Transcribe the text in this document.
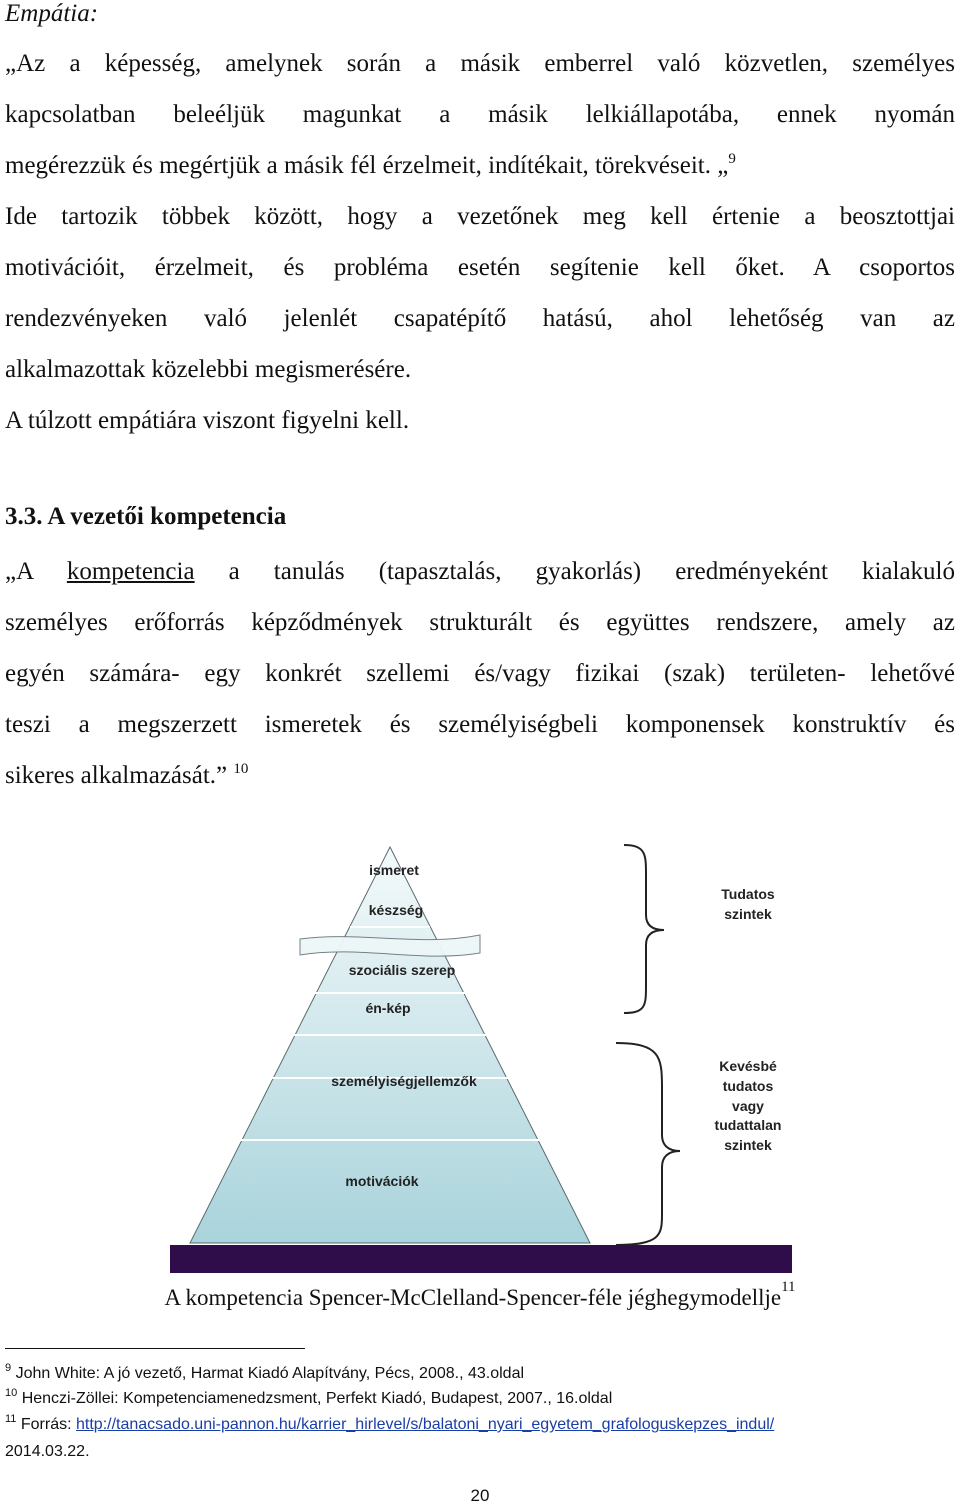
Empátia:
„Az a képesség, amelynek során a másik emberrel való közvetlen, személyes
kapcsolatban beleéljük magunkat a másik lelkiállapotába, ennek nyomán
megérezzük és megértjük a másik fél érzelmeit, indítékait, törekvéseit. „$^9$
Ide tartozik többek között, hogy a vezetőnek meg kell értenie a beosztottjai
motivációit, érzelmeit, és probléma esetén segítenie kell őket. A csoportos
rendezvényeken való jelenlét csapatépítő hatású, ahol lehetőség van az
alkalmazottak közelebbi megismerésére.
A túlzott empátiára viszont figyelni kell.
3.3. A vezetői kompetencia
„A kompetencia a tanulás (tapasztalás, gyakorlás) eredményeként kialakuló
személyes erőforrás képződmények strukturált és együttes rendszere, amely az
egyén számára- egy konkrét szellemi és/vagy fizikai (szak) területen- lehetővé
teszi a megszerzett ismeretek és személyiségbeli komponensek konstruktív és
sikeres alkalmazását.” $^{10}$
ismeret
készség
szociális szerep
én-kép
személyiségjellemzők
motivációk
Tudatos
szintek
Kevésbé
tudatos
vagy
tudattalan
szintek
A kompetencia Spencer-McClelland-Spencer-féle jéghegymodellje$^{11}$
$^9$ John White: A jó vezető, Harmat Kiadó Alapítvány, Pécs, 2008., 43.oldal
$^{10}$ Henczi-Zöllei: Kompetenciamenedzsment, Perfekt Kiadó, Budapest, 2007., 16.oldal
$^{11}$ Forrás: http://tanacsado.uni-pannon.hu/karrier_hirlevel/s/balatoni_nyari_egyetem_grafologuskepzes_indul/
2014.03.22.
20
